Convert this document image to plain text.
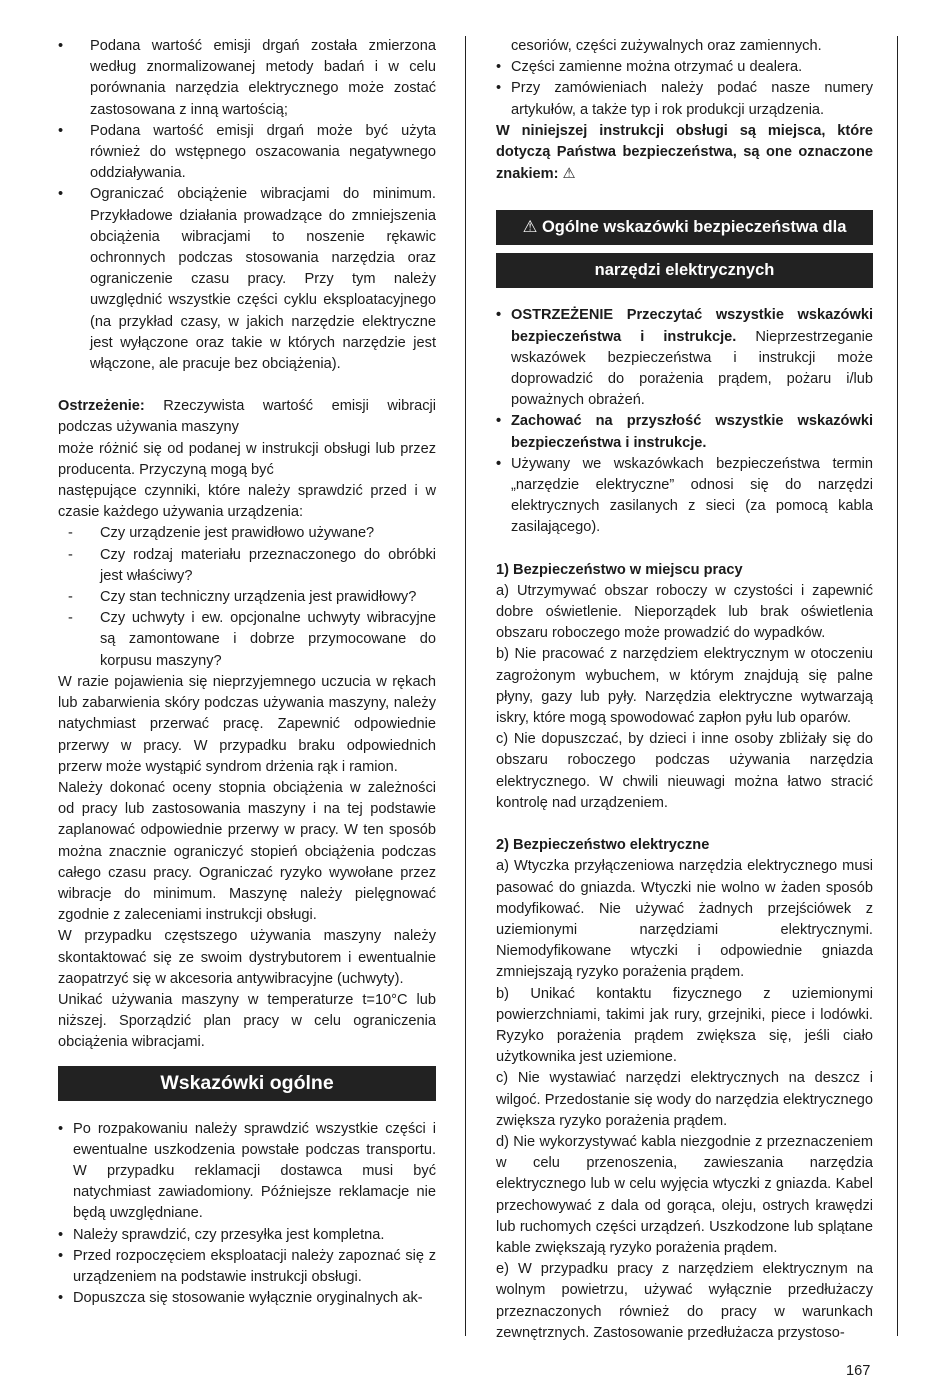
• Podana wartość emisji drgań została zmierzona według znormalizowanej metody badań i w celu porównania narzędzia elektrycznego może zostać zastosowana z inną wartością;
• Podana wartość emisji drgań może być użyta również do wstępnego oszacowania negatywnego oddziaływania.
• Ograniczać obciążenie wibracjami do minimum. Przykładowe działania prowadzące do zmniejszenia obciążenia wibracjami to noszenie rękawic ochronnych podczas stosowania narzędzia oraz ograniczenie czasu pracy. Przy tym należy uwzględnić wszystkie części cyklu eksploatacyjnego (na przykład czasy, w jakich narzędzie elektryczne jest wyłączone oraz takie w których narzędzie jest włączone, ale pracuje bez obciążenia).

Ostrzeżenie: Rzeczywista wartość emisji wibracji podczas używania maszyny

może różnić się od podanej w instrukcji obsługi lub przez producenta. Przyczyną mogą być

następujące czynniki, które należy sprawdzić przed i w czasie każdego używania urządzenia:

- Czy urządzenie jest prawidłowo używane?
- Czy rodzaj materiału przeznaczonego do obróbki jest właściwy?
- Czy stan techniczny urządzenia jest prawidłowy?
- Czy uchwyty i ew. opcjonalne uchwyty wibracyjne są zamontowane i dobrze przymocowane do korpusu maszyny?

W razie pojawienia się nieprzyjemnego uczucia w rękach lub zabarwienia skóry podczas używania maszyny, należy natychmiast przerwać pracę. Zapewnić odpowiednie przerwy w pracy. W przypadku braku odpowiednich przerw może wystąpić syndrom drżenia rąk i ramion.

Należy dokonać oceny stopnia obciążenia w zależności od pracy lub zastosowania maszyny i na tej podstawie zaplanować odpowiednie przerwy w pracy. W ten sposób można znacznie ograniczyć stopień obciążenia podczas całego czasu pracy. Ograniczać ryzyko wywołane przez wibracje do minimum. Maszynę należy pielęgnować zgodnie z zaleceniami instrukcji obsługi.

W przypadku częstszego używania maszyny należy skontaktować się ze swoim dystrybutorem i ewentualnie zaopatrzyć się w akcesoria antywibracyjne (uchwyty).

Unikać używania maszyny w temperaturze t=10°C lub niższej. Sporządzić plan pracy w celu ograniczenia obciążenia wibracjami.

Wskazówki ogólne
• Po rozpakowaniu należy sprawdzić wszystkie części i ewentualne uszkodzenia powstałe podczas transportu. W przypadku reklamacji dostawca musi być natychmiast zawiadomiony. Późniejsze reklamacje nie będą uwzględniane.
• Należy sprawdzić, czy przesyłka jest kompletna.
• Przed rozpoczęciem eksploatacji należy zapoznać się z urządzeniem na podstawie instrukcji obsługi.
• Dopuszcza się stosowanie wyłącznie oryginalnych ak-

cesoriów, części zużywalnych oraz zamiennych.

• Części zamienne można otrzymać u dealera.
• Przy zamówieniach należy podać nasze numery artykułów, a także typ i rok produkcji urządzenia.

W niniejszej instrukcji obsługi są miejsca, które dotyczą Państwa bezpieczeństwa, są one oznaczone znakiem: ⚠

⚠ Ogólne wskazówki bezpieczeństwa dla
narzędzi elektrycznych
• OSTRZEŻENIE Przeczytać wszystkie wskazówki bezpieczeństwa i instrukcje. Nieprzestrzeganie wskazówek bezpieczeństwa i instrukcji może doprowadzić do porażenia prądem, pożaru i/lub poważnych obrażeń.
• Zachować na przyszłość wszystkie wskazówki bezpieczeństwa i instrukcje.
• Używany we wskazówkach bezpieczeństwa termin „narzędzie elektryczne” odnosi się do narzędzi elektrycznych zasilanych z sieci (za pomocą kabla zasilającego).

1) Bezpieczeństwo w miejscu pracy

a) Utrzymywać obszar roboczy w czystości i zapewnić dobre oświetlenie. Nieporządek lub brak oświetlenia obszaru roboczego może prowadzić do wypadków.

b) Nie pracować z narzędziem elektrycznym w otoczeniu zagrożonym wybuchem, w którym znajdują się palne płyny, gazy lub pyły. Narzędzia elektryczne wytwarzają iskry, które mogą spowodować zapłon pyłu lub oparów.

c) Nie dopuszczać, by dzieci i inne osoby zbliżały się do obszaru roboczego podczas używania narzędzia elektrycznego. W chwili nieuwagi można łatwo stracić kontrolę nad urządzeniem.

2) Bezpieczeństwo elektryczne

a) Wtyczka przyłączeniowa narzędzia elektrycznego musi pasować do gniazda. Wtyczki nie wolno w żaden sposób modyfikować. Nie używać żadnych przejściówek z uziemionymi narzędziami elektrycznymi. Niemodyfikowane wtyczki i odpowiednie gniazda zmniejszają ryzyko porażenia prądem.

b) Unikać kontaktu fizycznego z uziemionymi powierzchniami, takimi jak rury, grzejniki, piece i lodówki. Ryzyko porażenia prądem zwiększa się, jeśli ciało użytkownika jest uziemione.

c) Nie wystawiać narzędzi elektrycznych na deszcz i wilgoć. Przedostanie się wody do narzędzia elektrycznego zwiększa ryzyko porażenia prądem.

d) Nie wykorzystywać kabla niezgodnie z przeznaczeniem w celu przenoszenia, zawieszania narzędzia elektrycznego lub w celu wyjęcia wtyczki z gniazda. Kabel przechowywać z dala od gorąca, oleju, ostrych krawędzi lub ruchomych części urządzeń. Uszkodzone lub splątane kable zwiększają ryzyko porażenia prądem.

e) W przypadku pracy z narzędziem elektrycznym na wolnym powietrzu, używać wyłącznie przedłużaczy przeznaczonych również do pracy w warunkach zewnętrznych. Zastosowanie przedłużacza przystoso-

167
